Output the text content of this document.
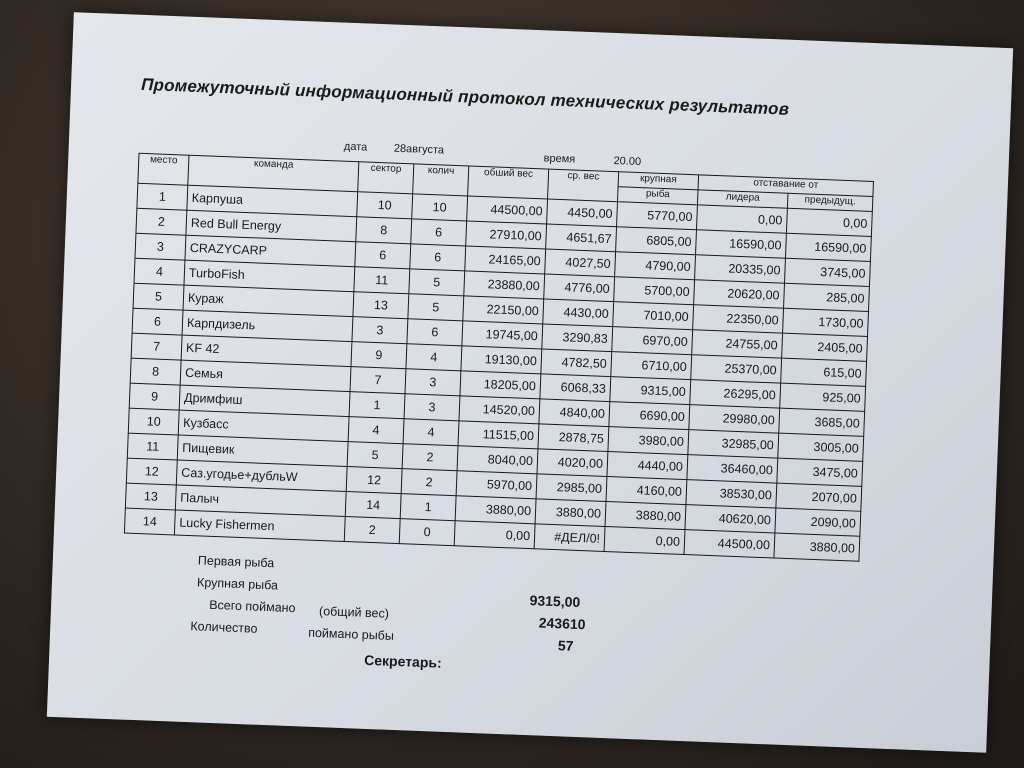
Промежуточный информационный протокол технических результатов
дата 28августа
время	20.00
место	команда	сектор	колич	обший вес	ср. вес	крупная	отставание от	
						рыба	лидера	предыдущ.
1	Карпуша	10	10	44500,00	4450,00	5770,00	0,00	0,00
2	Red Bull Energy	8	6	27910,00	4651,67	6805,00	16590,00	16590,00
3	CRAZYCARP	6	6	24165,00	4027,50	4790,00	20335,00	3745,00
4	TurboFish	11	5	23880,00	4776,00	5700,00	20620,00	285,00
5	Кураж	13	5	22150,00	4430,00	7010,00	22350,00	1730,00
6	Карпдизель	3	6	19745,00	3290,83	6970,00	24755,00	2405,00
7	KF 42	9	4	19130,00	4782,50	6710,00	25370,00	615,00
8	Семья	7	3	18205,00	6068,33	9315,00	26295,00	925,00
9	Дримфиш	1	3	14520,00	4840,00	6690,00	29980,00	3685,00
10	Кузбасс	4	4	11515,00	2878,75	3980,00	32985,00	3005,00
11	Пищевик	5	2	8040,00	4020,00	4440,00	36460,00	3475,00
12	Саз.угодье+дубльW	12	2	5970,00	2985,00	4160,00	38530,00	2070,00
13	Палыч	14	1	3880,00	3880,00	3880,00	40620,00	2090,00
14	Lucky Fishermen	2	0	0,00	#ДЕЛ/0!	0,00	44500,00	3880,00
Первая рыба
Крупная рыба
9315,00
Всего поймано (общий вес)
243610
Количество	поймано рыбы
57
Секретарь:
